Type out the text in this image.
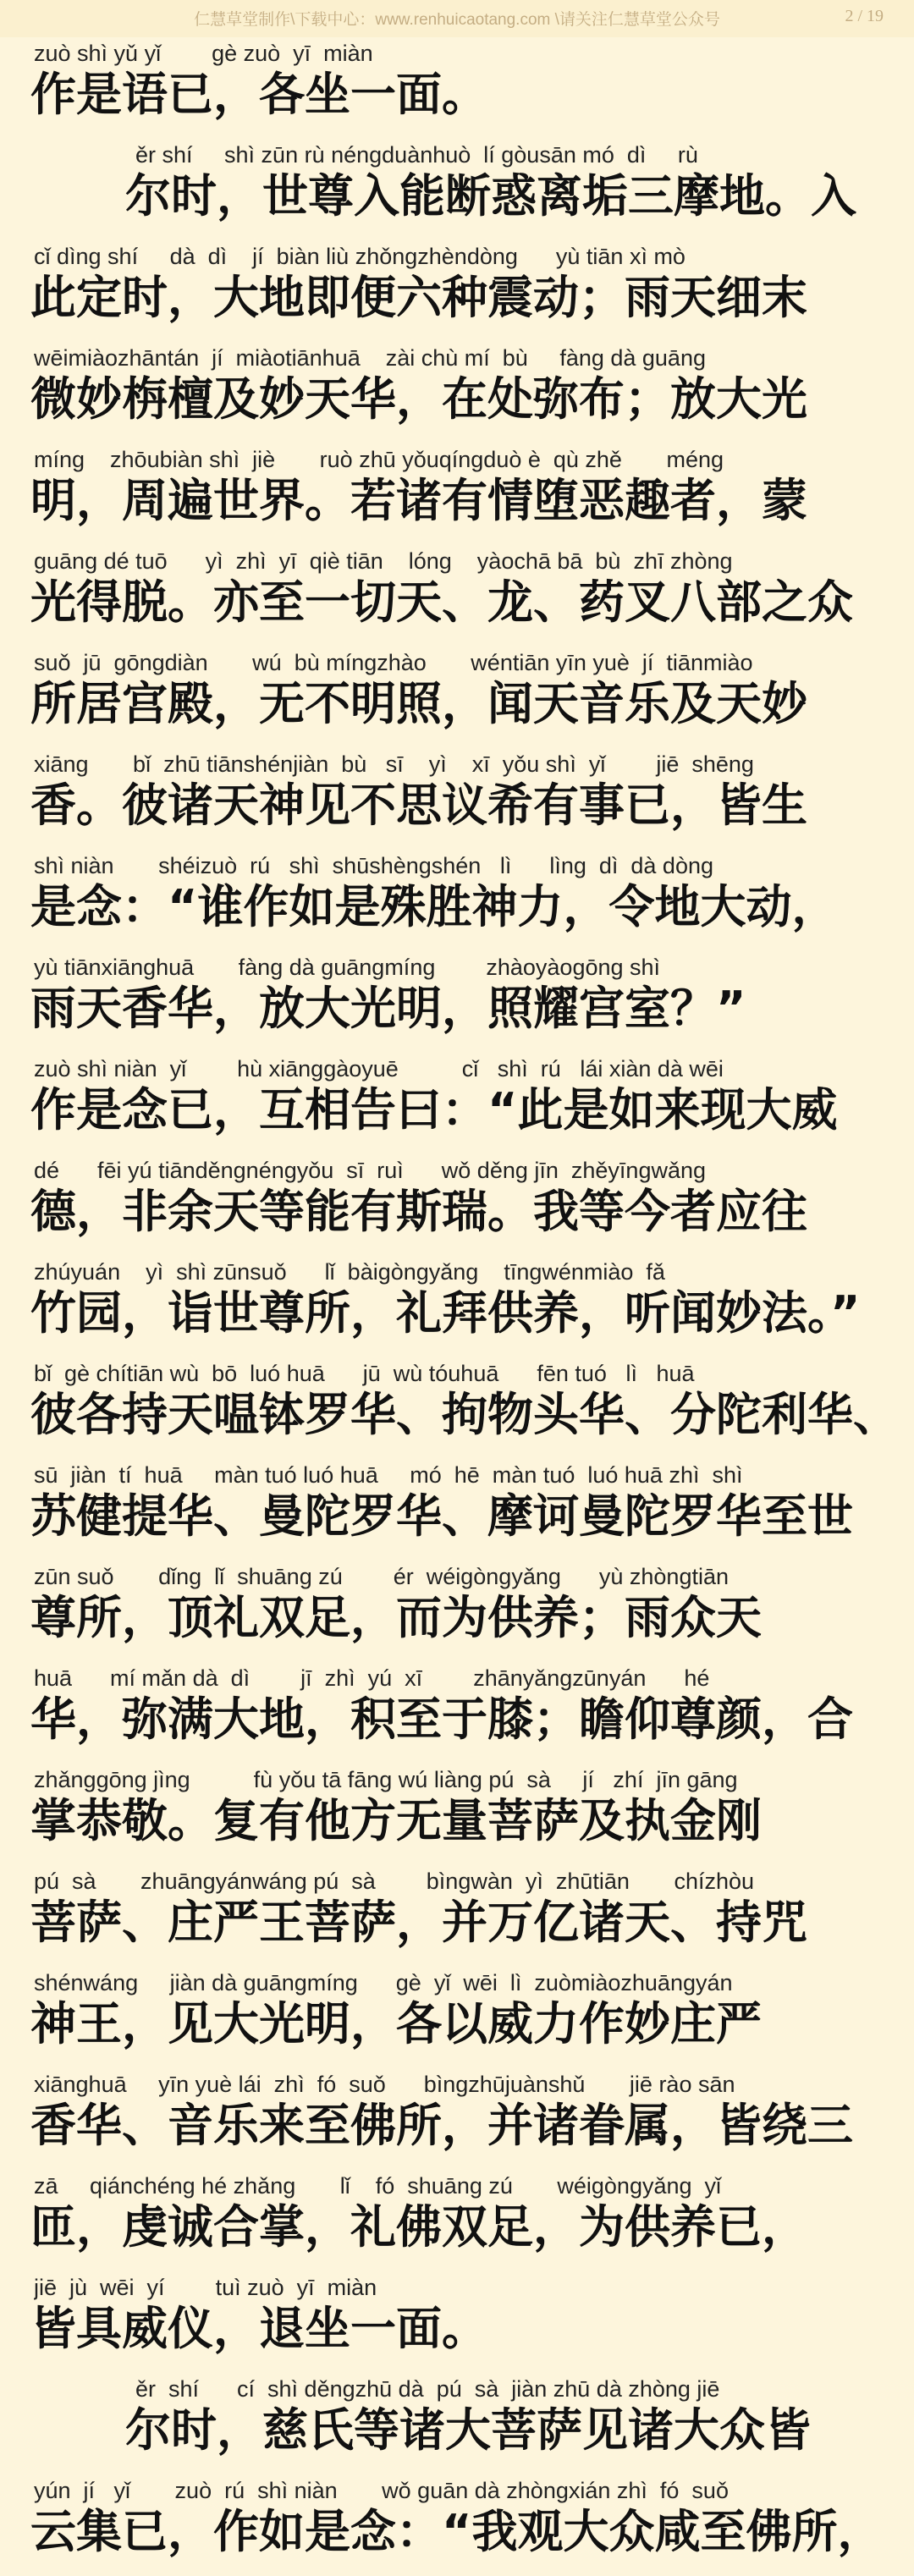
仁慧草堂制作\下载中心：www.renhuicaotang.com \请关注仁慧草堂公众号	2 / 19
zuò shì yǔ yǐ        gè zuò  yī  miàn
作是语已，各坐一面。
ěr shí     shì zūn rù néngduànhuò  lí gòusān mó  dì     rù
尔时，世尊入能断惑离垢三摩地。入
cǐ dìng shí     dà  dì    jí  biàn liù zhǒngzhèndòng      yù tiān xì mò
此定时，大地即便六种震动；雨天细末
wēimiàozhāntán  jí  miàotiānhuā    zài chù mí  bù     fàng dà guāng
微妙栴檀及妙天华，在处弥布；放大光
míng    zhōubiàn shì  jiè       ruò zhū yǒuqíngduò è  qù zhě       méng
明，周遍世界。若诸有情堕恶趣者，蒙
guāng dé tuō      yì  zhì  yī  qiè tiān    lóng    yàochā bā  bù  zhī zhòng
光得脱。亦至一切天、龙、药叉八部之众
suǒ  jū  gōngdiàn       wú  bù míngzhào       wéntiān yīn yuè  jí  tiānmiào
所居宫殿，无不明照，闻天音乐及天妙
xiāng       bǐ  zhū tiānshénjiàn  bù   sī    yì    xī  yǒu shì  yǐ        jiē  shēng
香。彼诸天神见不思议希有事已，皆生
shì niàn       shéizuò  rú   shì  shūshèngshén   lì      lìng  dì  dà dòng
是念：“谁作如是殊胜神力，令地大动，
yù tiānxiānghuā       fàng dà guāngmíng        zhàoyàogōng shì
雨天香华，放大光明，照耀宫室？”
zuò shì niàn  yǐ        hù xiānggàoyuē          cǐ   shì  rú   lái xiàn dà wēi
作是念已，互相告曰：“此是如来现大威
dé      fēi yú tiānděngnéngyǒu  sī  ruì      wǒ děng jīn  zhěyīngwǎng
德，非余天等能有斯瑞。我等今者应往
zhúyuán    yì  shì zūnsuǒ      lǐ  bàigòngyǎng    tīngwénmiào  fǎ
竹园，诣世尊所，礼拜供养，听闻妙法。”
bǐ  gè chítiān wù  bō  luó huā      jū  wù tóuhuā      fēn tuó   lì   huā
彼各持天嗢钵罗华、拘物头华、分陀利华、
sū  jiàn  tí  huā     màn tuó luó huā     mó  hē  màn tuó  luó huā zhì  shì
苏健提华、曼陀罗华、摩诃曼陀罗华至世
zūn suǒ       dǐng  lǐ  shuāng zú        ér  wéigòngyǎng      yù zhòngtiān
尊所，顶礼双足，而为供养；雨众天
huā      mí mǎn dà  dì        jī  zhì  yú  xī        zhānyǎngzūnyán      hé
华，弥满大地，积至于膝；瞻仰尊颜，合
zhǎnggōng jìng          fù yǒu tā fāng wú liàng pú  sà     jí   zhí  jīn gāng
掌恭敬。复有他方无量菩萨及执金刚
pú  sà       zhuāngyánwáng pú  sà        bìngwàn  yì  zhūtiān       chízhòu
菩萨、庄严王菩萨，并万亿诸天、持咒
shénwáng     jiàn dà guāngmíng      gè  yǐ  wēi  lì  zuòmiàozhuāngyán
神王，见大光明，各以威力作妙庄严
xiānghuā     yīn yuè lái  zhì  fó  suǒ      bìngzhūjuànshǔ       jiē rào sān
香华、音乐来至佛所，并诸眷属，皆绕三
zā     qiánchéng hé zhǎng       lǐ    fó  shuāng zú       wéigòngyǎng  yǐ
匝，虔诚合掌，礼佛双足，为供养已，
jiē  jù  wēi  yí        tuì zuò  yī  miàn
皆具威仪，退坐一面。
ěr  shí      cí  shì děngzhū dà  pú  sà  jiàn zhū dà zhòng jiē
尔时，慈氏等诸大菩萨见诸大众皆
yún  jí   yǐ       zuò  rú  shì niàn       wǒ guān dà zhòngxián zhì  fó  suǒ
云集已，作如是念：“我观大众咸至佛所，
